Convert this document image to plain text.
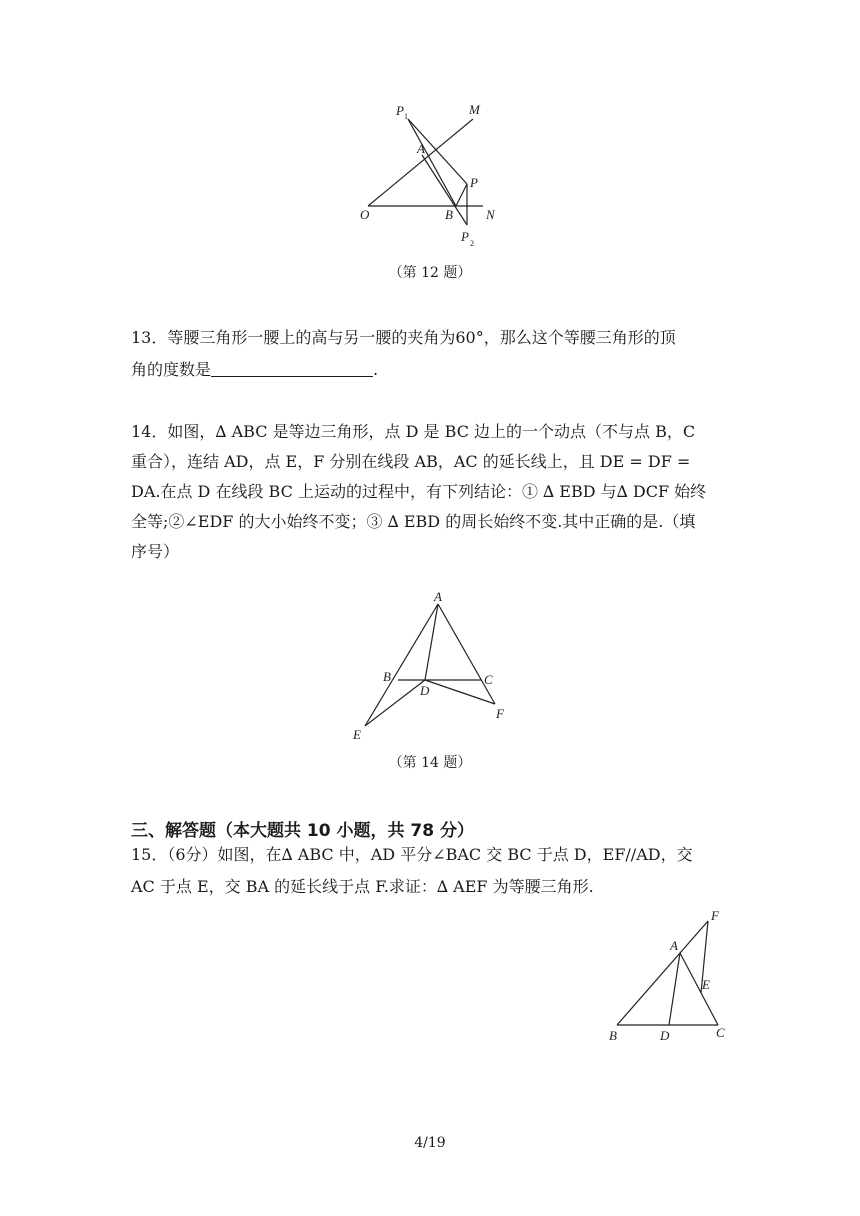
P 1	M
A
P
O	B	N
P 2
（第 12 题）
13．等腰三角形一腰上的高与另一腰的夹角为60°，那么这个等腰三角形的顶
角的度数是	.
14．如图，∆ ABC 是等边三角形，点 D 是 BC 边上的一个动点（不与点 B，C
重合），连结 AD，点 E，F 分别在线段 AB，AC 的延长线上，且 DE = DF =
DA.在点 D 在线段 BC 上运动的过程中，有下列结论：① ∆ EBD 与∆ DCF 始终
全等;②∠EDF 的大小始终不变；③ ∆ EBD 的周长始终不变.其中正确的是.（填
序号）
A
B	C
D
E
F
（第 14 题）
三、解答题（本大题共 10 小题，共 78 分）
15．（6分）如图，在∆ ABC 中，AD 平分∠BAC 交 BC 于点 D，EF//AD，交
AC 于点 E，交 BA 的延长线于点 F.求证：∆ AEF 为等腰三角形.
F
A
E
B	D	C
4/19
